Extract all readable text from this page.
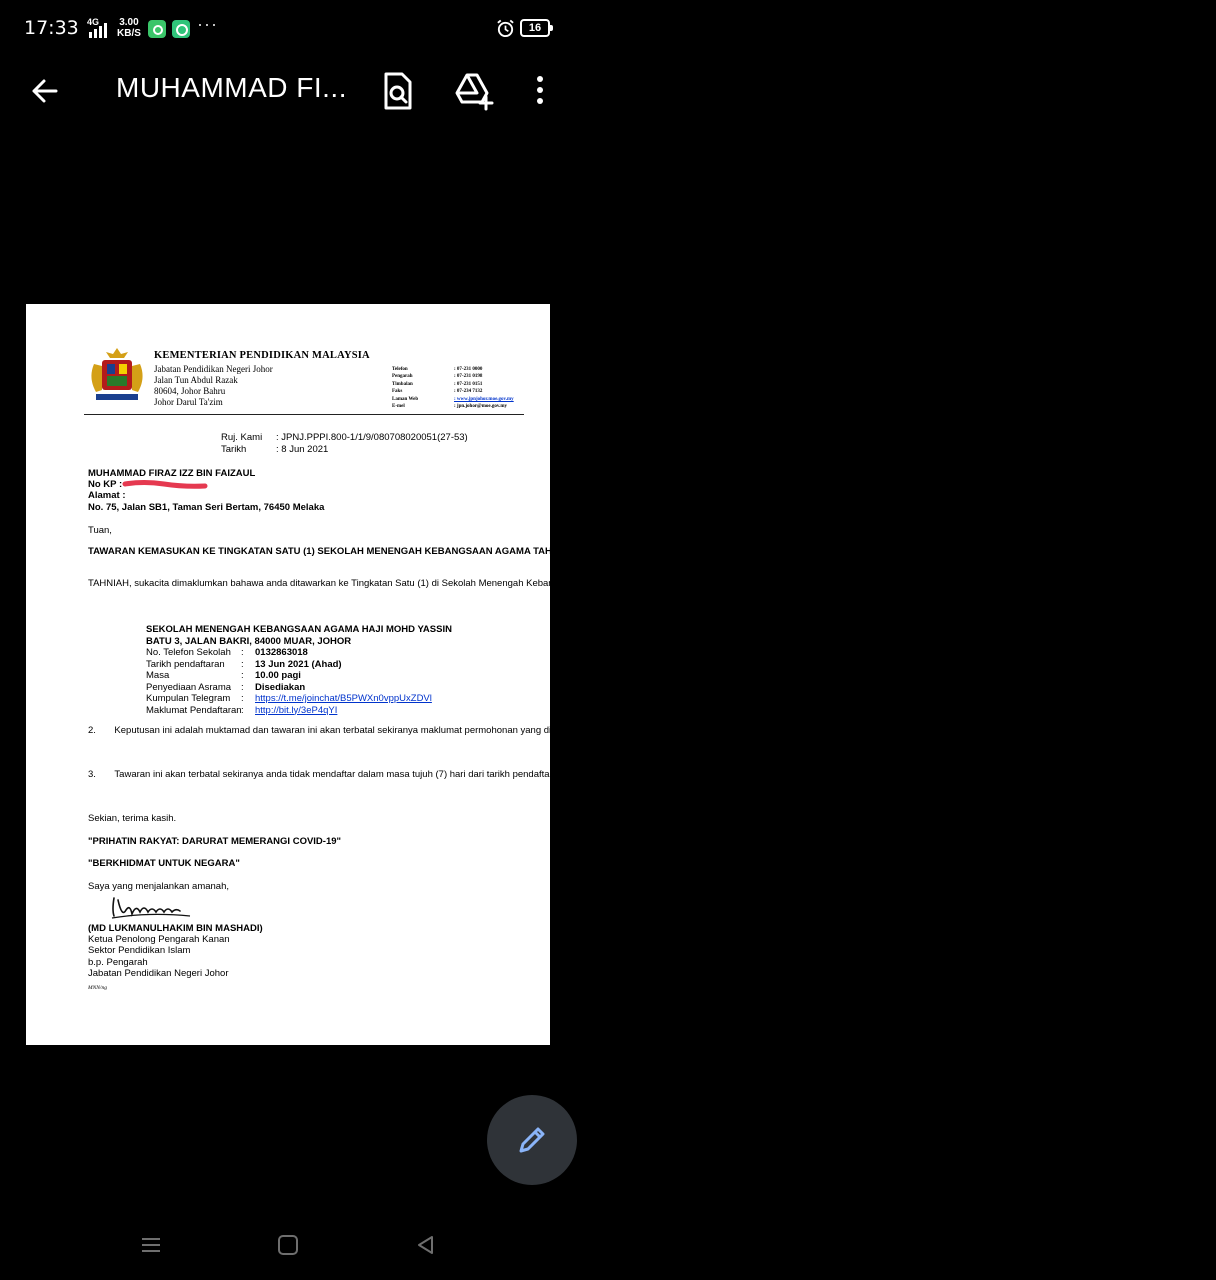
17:33 4G 3.00
KB/S	···	16
MUHAMMAD FI...
KEMENTERIAN PENDIDIKAN MALAYSIA
Jabatan Pendidikan Negeri Johor
Jalan Tun Abdul Razak
80604, Johor Bahru
Johor Darul Ta'zim
Telefon
Pengarah
Timbalan
Faks
Laman Web
E-mel
: 07-231 0000
: 07-231 0198
: 07-231 0151
: 07-234 7132
: www.jpnjohor.moe.gov.my
: jpn.johor@moe.gov.my
Ruj. Kami
Tarikh
: JPNJ.PPPI.800-1/1/9/080708020051(27-53)
: 8 Jun 2021
MUHAMMAD FIRAZ IZZ BIN FAIZAUL
No KP :
Alamat :
No. 75, Jalan SB1, Taman Seri Bertam, 76450 Melaka
Tuan,
TAWARAN KEMASUKAN KE TINGKATAN SATU (1) SEKOLAH MENENGAH KEBANGSAAN AGAMA TAHUN 2021
TAHNIAH, sukacita dimaklumkan bahawa anda ditawarkan ke Tingkatan Satu (1) di Sekolah Menengah Kebangsaan Agama (SMKA), Kementerian Pendidikan Malaysia bagi sesi persekolahan tahun 2021 :
SEKOLAH MENENGAH KEBANGSAAN AGAMA HAJI MOHD YASSIN
BATU 3, JALAN BAKRI, 84000 MUAR, JOHOR
No. Telefon Sekolah
Tarikh pendaftaran
Masa
Penyediaan Asrama
Kumpulan Telegram
Maklumat Pendaftaran
:
:
:
:
:
:
0132863018
13 Jun 2021 (Ahad)
10.00 pagi
Disediakan
https://t.me/joinchat/B5PWXn0vppUxZDVl
http://bit.ly/3eP4qYI
2. Keputusan ini adalah muktamad dan tawaran ini akan terbatal sekiranya maklumat permohonan yang dikemukakan tidak benar dan pemohon bukan warganegara Malaysia. Sebarang permohonan untuk bertukar ke SMKA yang lain tidak akan dipertimbangkan.
3. Tawaran ini akan terbatal sekiranya anda tidak mendaftar dalam masa tujuh (7) hari dari tarikh pendaftaran. Penempatan asrama bergantung kepada kekosongan tempat di sekolah yang ditawarkan.
Sekian, terima kasih.
"PRIHATIN RAKYAT: DARURAT MEMERANGI COVID-19"
"BERKHIDMAT UNTUK NEGARA"
Saya yang menjalankan amanah,
(MD LUKMANULHAKIM BIN MASHADI)
Ketua Penolong Pengarah Kanan
Sektor Pendidikan Islam
b.p. Pengarah
Jabatan Pendidikan Negeri Johor
MNN/ng
